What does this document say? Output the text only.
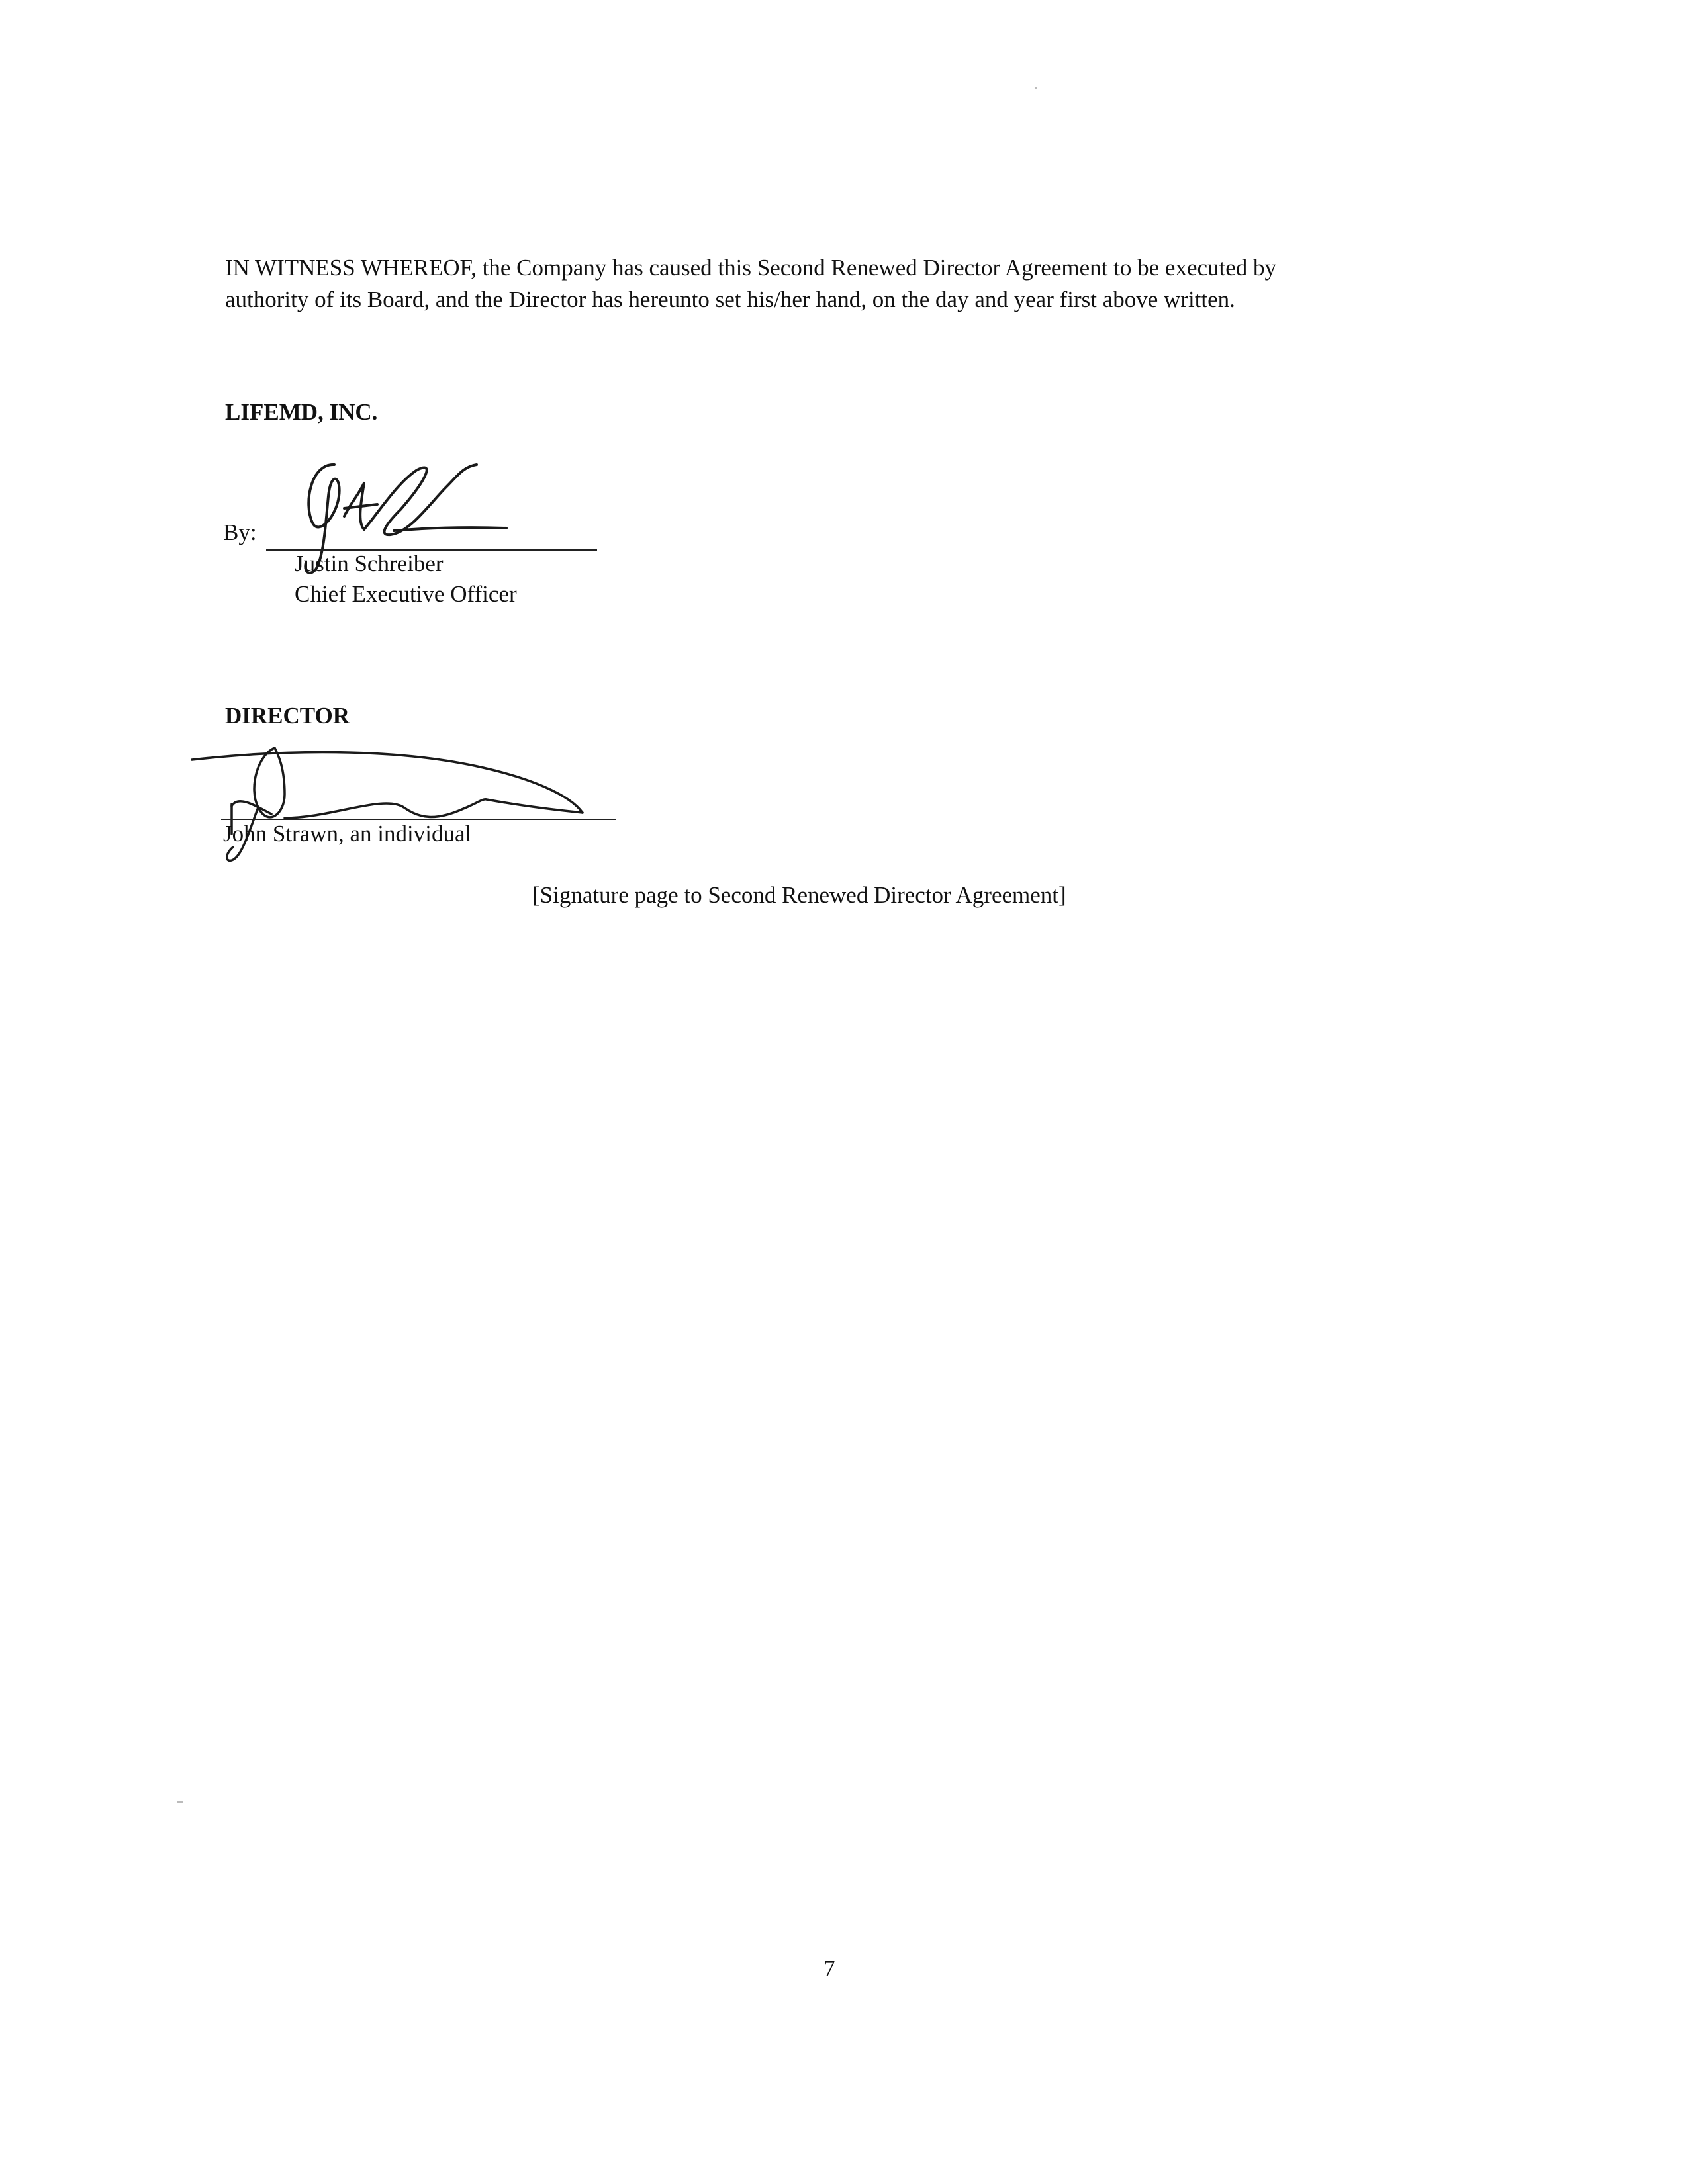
IN WITNESS WHEREOF, the Company has caused this Second Renewed Director Agreement to be executed by
authority of its Board, and the Director has hereunto set his/her hand, on the day and year first above written.
LIFEMD, INC.
By:
Justin Schreiber
Chief Executive Officer
DIRECTOR
John Strawn, an individual
[Signature page to Second Renewed Director Agreement]
7
